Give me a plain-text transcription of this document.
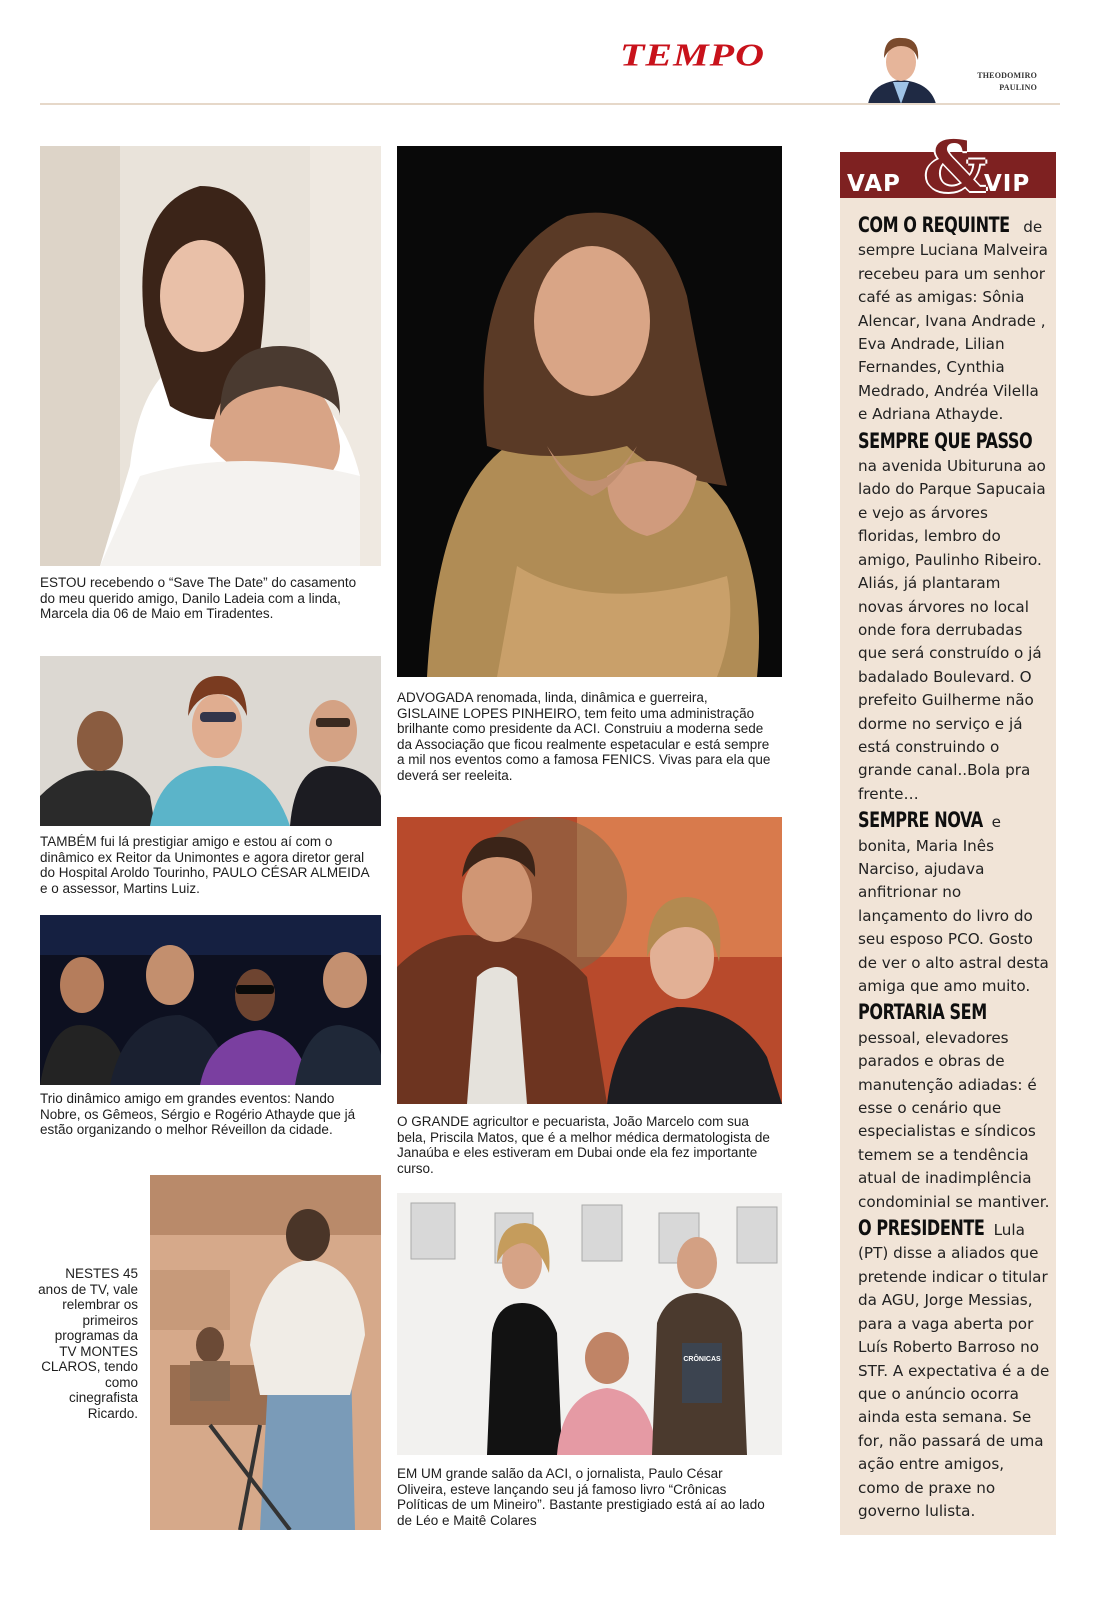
TEMPO
THEODOMIRO
PAULINO
ESTOU recebendo o “Save The Date” do casamento do meu querido amigo, Danilo Ladeia com a linda, Marcela dia 06 de Maio em Tiradentes.
ADVOGADA renomada, linda, dinâmica e guerreira, GISLAINE LOPES PINHEIRO, tem feito uma administração brilhante como presidente da ACI. Construiu a moderna sede da Associação que ficou realmente espetacular e está sempre a mil nos eventos como a famosa FENICS. Vivas para ela que deverá ser reeleita.
TAMBÉM fui lá prestigiar amigo e estou aí com o dinâmico ex Reitor da Unimontes e agora diretor geral do Hospital Aroldo Tourinho, PAULO CÉSAR ALMEIDA e o assessor, Martins Luiz.
Trio dinâmico amigo em grandes eventos: Nando Nobre, os Gêmeos, Sérgio e Rogério Athayde que já estão organizando o melhor Réveillon da cidade.
O GRANDE agricultor e pecuarista, João Marcelo com sua bela, Priscila Matos, que é a melhor médica dermatologista de Janaúba e eles estiveram em Dubai onde ela fez importante curso.
NESTES 45 anos de TV, vale relembrar os primeiros programas da TV MONTES CLAROS, tendo como cinegrafista Ricardo.
CRÔNICAS
EM UM grande salão da ACI, o jornalista, Paulo César Oliveira, esteve lançando seu já famoso livro “Crônicas Políticas de um Mineiro”. Bastante prestigiado está aí ao lado de Léo e Maitê Colares
VAP &
VIP

COM O REQUINTE de sempre Luciana Malveira recebeu para um senhor café as amigas: Sônia Alencar, Ivana Andrade , Eva Andrade, Lilian Fernandes, Cynthia Medrado, Andréa Vilella e Adriana Athayde.

SEMPRE QUE PASSO na avenida Ubituruna ao lado do Parque Sapucaia e vejo as árvores floridas, lembro do amigo, Paulinho Ribeiro. Aliás, já plantaram novas árvores no local onde fora derrubadas que será construído o já badalado Boulevard. O prefeito Guilherme não dorme no serviço e já está construindo o grande canal..Bola pra frente…

SEMPRE NOVA e bonita, Maria Inês Narciso, ajudava anfitrionar no lançamento do livro do seu esposo PCO. Gosto de ver o alto astral desta amiga que amo muito.

PORTARIA SEM pessoal, elevadores parados e obras de manutenção adiadas: é esse o cenário que especialistas e síndicos temem se a tendência atual de inadimplência condominial se mantiver.

O PRESIDENTE Lula (PT) disse a aliados que pretende indicar o titular da AGU, Jorge Messias, para a vaga aberta por Luís Roberto Barroso no STF. A expectativa é a de que o anúncio ocorra ainda esta semana. Se for, não passará de uma ação entre amigos, como de praxe no governo lulista.
